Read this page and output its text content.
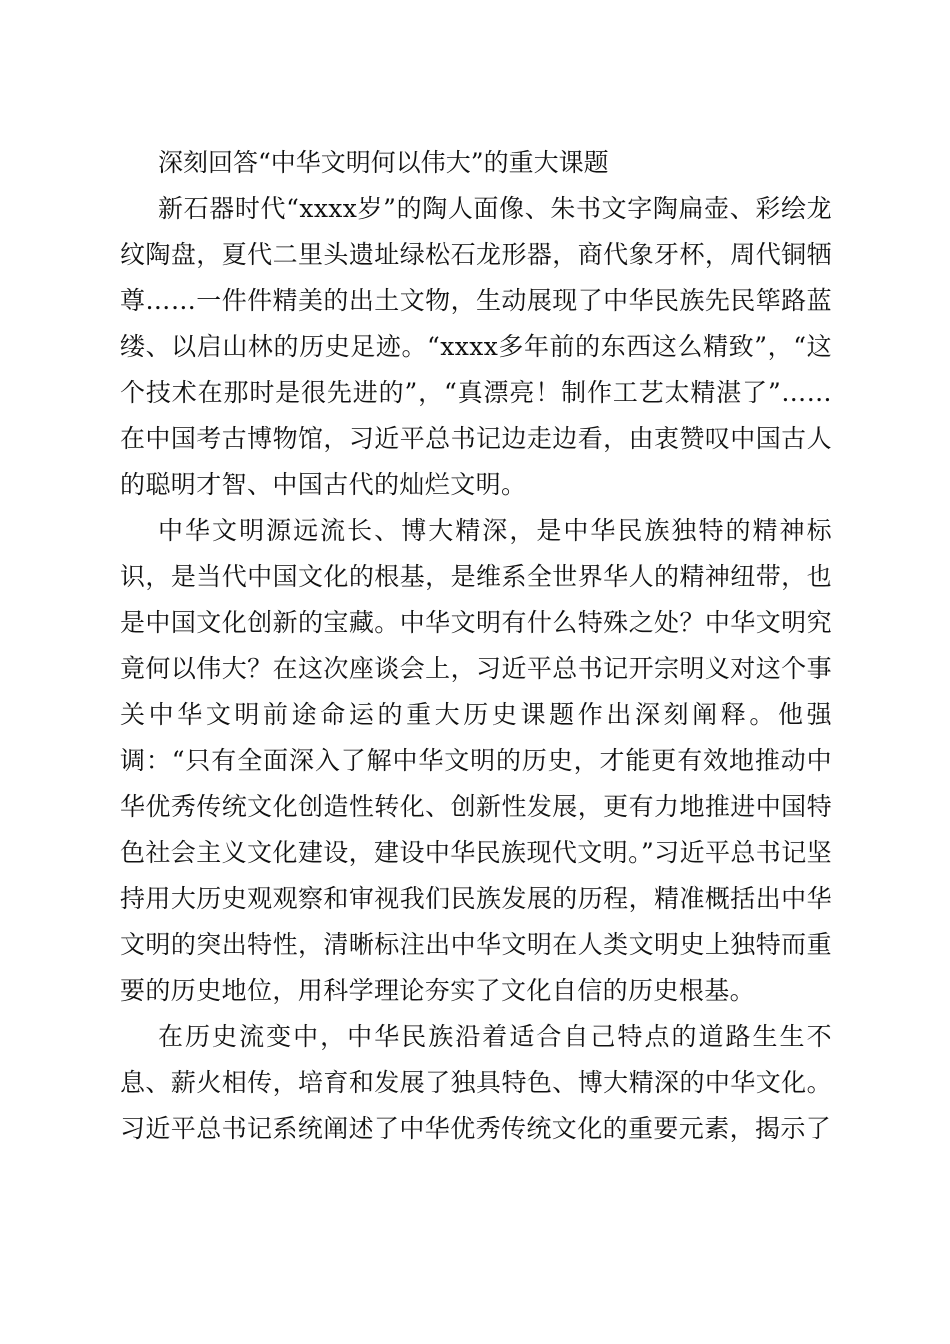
深刻回答“中华文明何以伟大”的重大课题

新石器时代“xxxx岁”的陶人面像、朱书文字陶扁壶、彩绘龙纹陶盘，夏代二里头遗址绿松石龙形器，商代象牙杯，周代铜牺尊……一件件精美的出土文物，生动展现了中华民族先民筚路蓝缕、以启山林的历史足迹。“xxxx多年前的东西这么精致”，“这个技术在那时是很先进的”，“真漂亮！制作工艺太精湛了”……在中国考古博物馆，习近平总书记边走边看，由衷赞叹中国古人的聪明才智、中国古代的灿烂文明。

中华文明源远流长、博大精深，是中华民族独特的精神标识，是当代中国文化的根基，是维系全世界华人的精神纽带，也是中国文化创新的宝藏。中华文明有什么特殊之处？中华文明究竟何以伟大？在这次座谈会上，习近平总书记开宗明义对这个事关中华文明前途命运的重大历史课题作出深刻阐释。他强调：“只有全面深入了解中华文明的历史，才能更有效地推动中华优秀传统文化创造性转化、创新性发展，更有力地推进中国特色社会主义文化建设，建设中华民族现代文明。”习近平总书记坚持用大历史观观察和审视我们民族发展的历程，精准概括出中华文明的突出特性，清晰标注出中华文明在人类文明史上独特而重要的历史地位，用科学理论夯实了文化自信的历史根基。

在历史流变中，中华民族沿着适合自己特点的道路生生不息、薪火相传，培育和发展了独具特色、博大精深的中华文化。习近平总书记系统阐述了中华优秀传统文化的重要元素，揭示了
